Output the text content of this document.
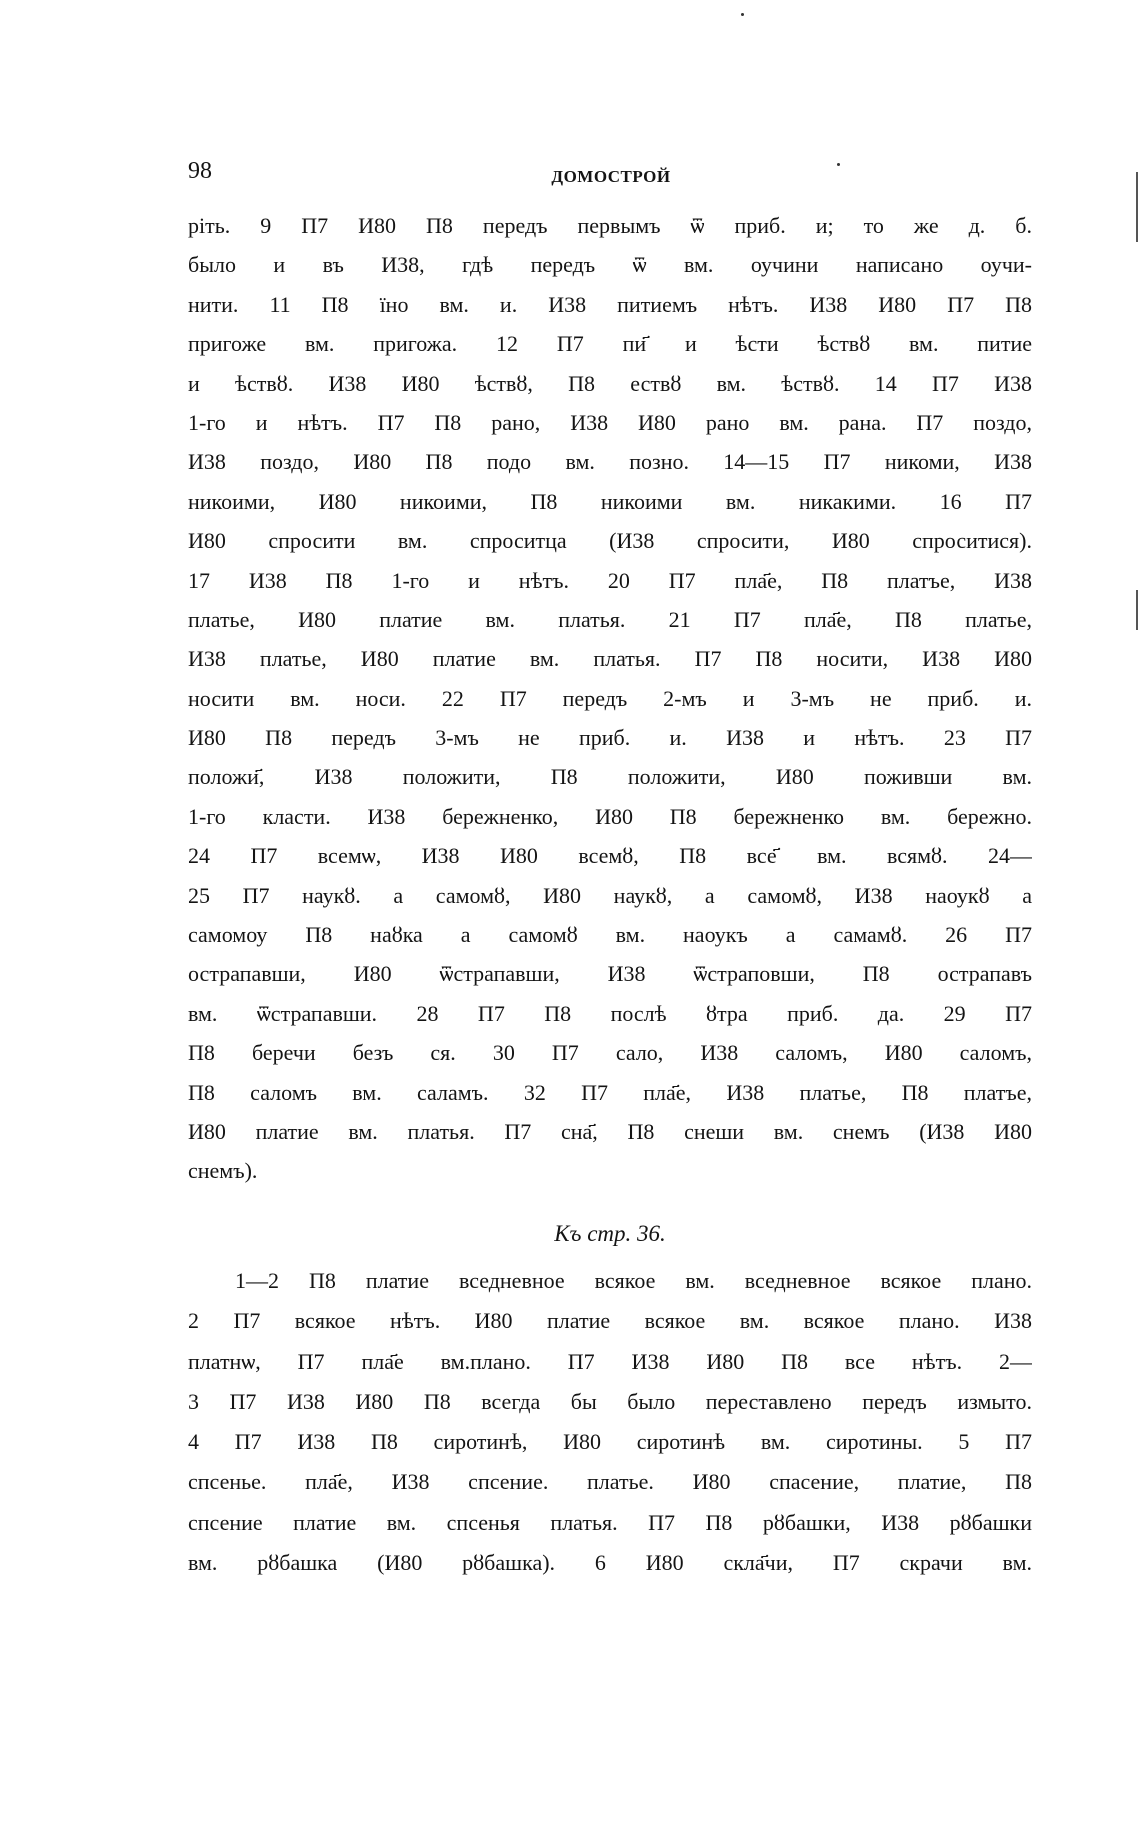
98	ДОМОСТРОЙ
ріть. 9 П7 И80 П8 передъ первымъ ѿ приб. и; то же д. б.
было и въ И38, гдѣ передъ ѿ вм. оучини написано оучи-
нити. 11 П8 їно вм. и. И38 питиемъ нѣтъ. И38 И80 П7 П8
пригоже вм. пригожа. 12 П7 пи҃ и ѣсти ѣствȣ вм. питие
и ѣствȣ. И38 И80 ѣствȣ, П8 ествȣ вм. ѣствȣ. 14 П7 И38
1-го и нѣтъ. П7 П8 рано, И38 И80 рано вм. рана. П7 поздо,
И38 поздо, И80 П8 подо вм. позно. 14—15 П7 никоми, И38
никоими, И80 никоими, П8 никоими вм. никакими. 16 П7
И80 спросити вм. спроситца (И38 спросити, И80 спроситися).
17 И38 П8 1-го и нѣтъ. 20 П7 пла҃е, П8 платъе, И38
платье, И80 платие вм. платья. 21 П7 пла҃е, П8 платье,
И38 платье, И80 платие вм. платья. П7 П8 носити, И38 И80
носити вм. носи. 22 П7 передъ 2-мъ и 3-мъ не приб. и.
И80 П8 передъ 3-мъ не приб. и. И38 и нѣтъ. 23 П7
положи҃, И38 положити, П8 положити, И80 поживши вм.
1-го класти. И38 бережненко, И80 П8 бережненко вм. бережно.
24 П7 всемѡ, И38 И80 всемȣ, П8 все҃ вм. всямȣ. 24—
25 П7 наукȣ. а самомȣ, И80 наукȣ, а самомȣ, И38 наоукȣ а
самомоу П8 наȣка а самомȣ вм. наоукъ а самамȣ. 26 П7
острапавши, И80 ѿстрапавши, И38 ѿстраповши, П8 острапавъ
вм. ѿстрапавши. 28 П7 П8 послѣ ȣтра приб. да. 29 П7
П8 беречи безъ ся. 30 П7 сало, И38 саломъ, И80 саломъ,
П8 саломъ вм. саламъ. 32 П7 пла҃е, И38 платье, П8 платъе,
И80 платие вм. платья. П7 сна҃, П8 снеши вм. снемъ (И38 И80
снемъ).
Къ стр. 36.
1—2 П8 платие вседневное всякое вм. вседневное всякое плано.
2 П7 всякое нѣтъ. И80 платие всякое вм. всякое плано. И38
платнѡ, П7 пла҃е вм.плано. П7 И38 И80 П8 все нѣтъ. 2—
3 П7 И38 И80 П8 всегда бы было переставлено передъ измыто.
4 П7 И38 П8 сиротинѣ, И80 сиротинѣ вм. сиротины. 5 П7
спсенье. пла҃е, И38 спсение. платье. И80 спасение, платие, П8
спсение платие вм. спсенья платья. П7 П8 рȣбашки, И38 рȣбашки
вм. рȣбашка (И80 рȣбашка). 6 И80 скла҃чи, П7 скрачи вм.
